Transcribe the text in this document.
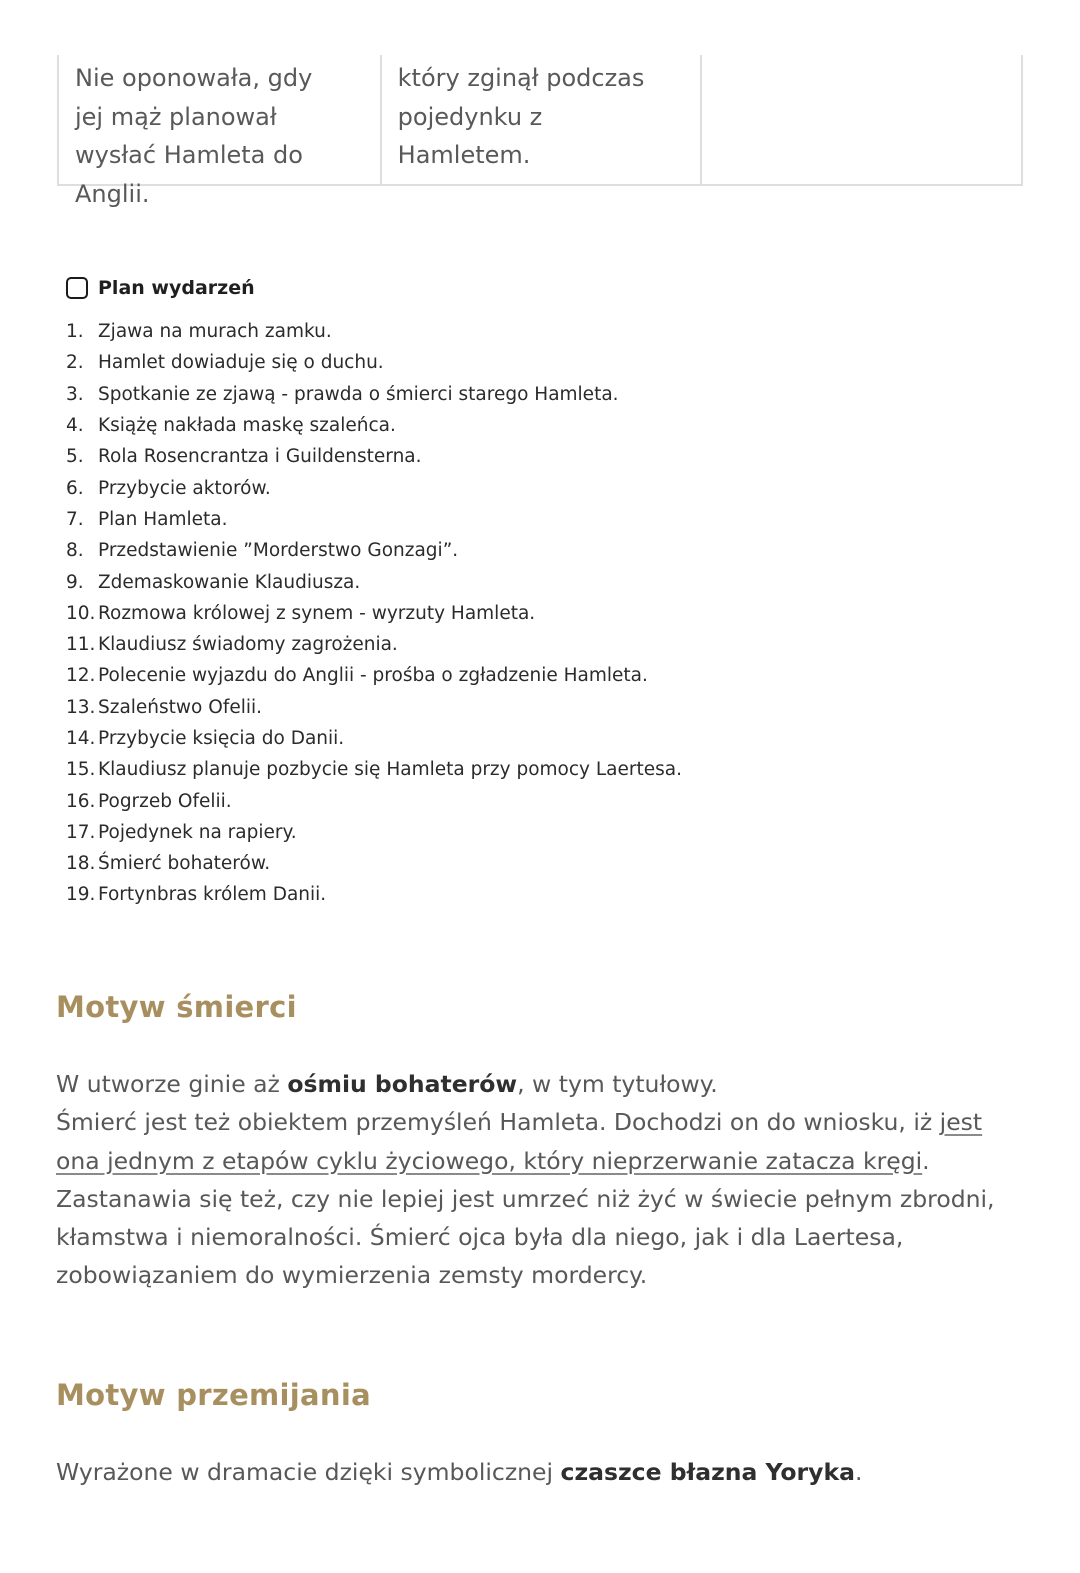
Nie oponowała, gdy
jej mąż planował
wysłać Hamleta do
Anglii.
który zginął podczas
pojedynku z
Hamletem.
Plan wydarzeń
1. Zjawa na murach zamku.
2. Hamlet dowiaduje się o duchu.
3. Spotkanie ze zjawą - prawda o śmierci starego Hamleta.
4. Książę nakłada maskę szaleńca.
5. Rola Rosencrantza i Guildensterna.
6. Przybycie aktorów.
7. Plan Hamleta.
8. Przedstawienie ”Morderstwo Gonzagi”.
9. Zdemaskowanie Klaudiusza.
10. Rozmowa królowej z synem - wyrzuty Hamleta.
11. Klaudiusz świadomy zagrożenia.
12. Polecenie wyjazdu do Anglii - prośba o zgładzenie Hamleta.
13. Szaleństwo Ofelii.
14. Przybycie księcia do Danii.
15. Klaudiusz planuje pozbycie się Hamleta przy pomocy Laertesa.
16. Pogrzeb Ofelii.
17. Pojedynek na rapiery.
18. Śmierć bohaterów.
19. Fortynbras królem Danii.
Motyw śmierci

W utworze ginie aż ośmiu bohaterów, w tym tytułowy.

Śmierć jest też obiektem przemyśleń Hamleta. Dochodzi on do wniosku, iż jest ona jednym z etapów cyklu życiowego, który nieprzerwanie zatacza kręgi. Zastanawia się też, czy nie lepiej jest umrzeć niż żyć w świecie pełnym zbrodni, kłamstwa i niemoralności. Śmierć ojca była dla niego, jak i dla Laertesa, zobowiązaniem do wymierzenia zemsty mordercy.

Motyw przemijania

Wyrażone w dramacie dzięki symbolicznej czaszce błazna Yoryka.
